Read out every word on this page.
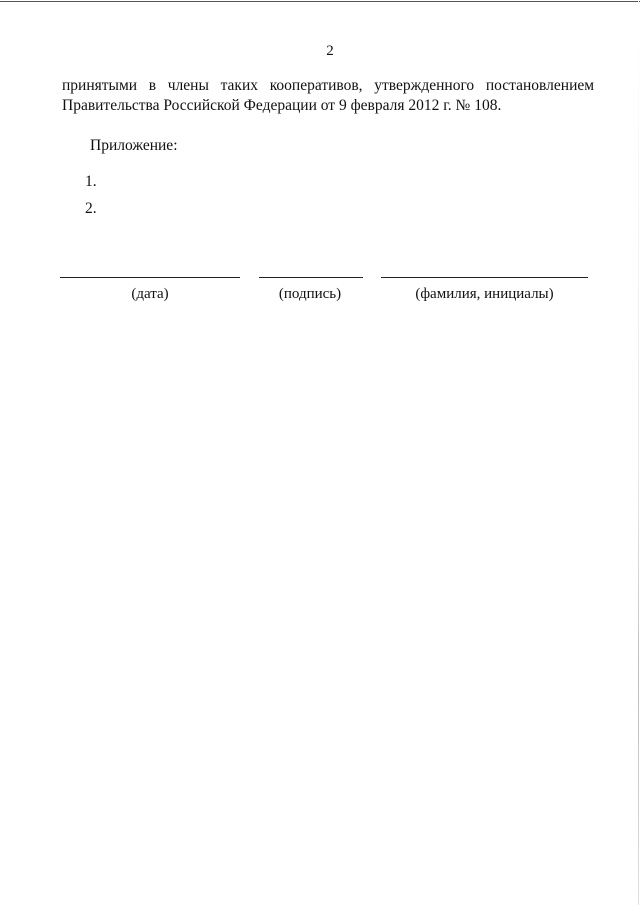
2
принятыми в члены таких кооперативов, утвержденного постановлением
Правительства Российской Федерации от 9 февраля 2012 г. № 108.
Приложение:
1.
2.
(дата)	(подпись)	(фамилия, инициалы)
